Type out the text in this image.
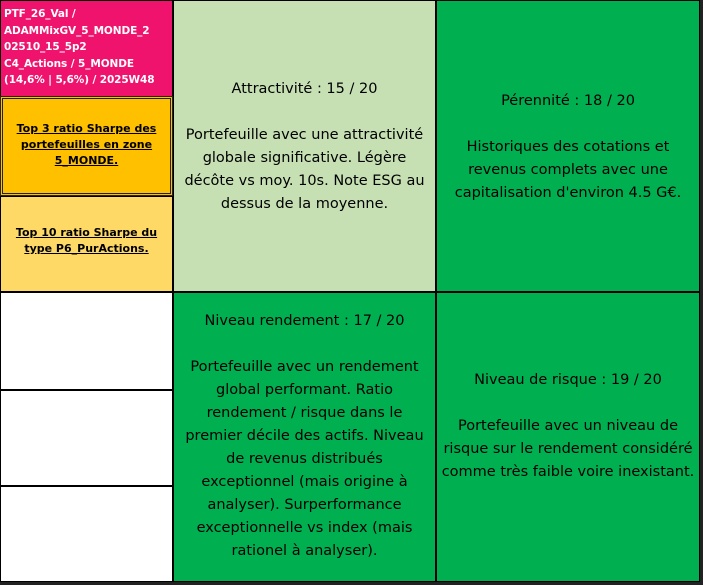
PTF_26_Val /
ADAMMixGV_5_MONDE_2
02510_15_5p2
C4_Actions / 5_MONDE
(14,6% | 5,6%) / 2025W48
Top 3 ratio Sharpe des portefeuilles en zone 5_MONDE.
Top 10 ratio Sharpe du type P6_PurActions.
Attractivité : 15 / 20
Portefeuille avec une attractivité globale significative. Légère décôte vs moy. 10s. Note ESG au dessus de la moyenne.
Pérennité : 18 / 20
Historiques des cotations et revenus complets avec une capitalisation d'environ 4.5 G€.
Niveau rendement : 17 / 20
Portefeuille avec un rendement global performant. Ratio rendement / risque dans le premier décile des actifs. Niveau de revenus distribués exceptionnel (mais origine à analyser). Surperformance exceptionnelle vs index (mais rationel à analyser).
Niveau de risque : 19 / 20
Portefeuille avec un niveau de risque sur le rendement considéré comme très faible voire inexistant.
